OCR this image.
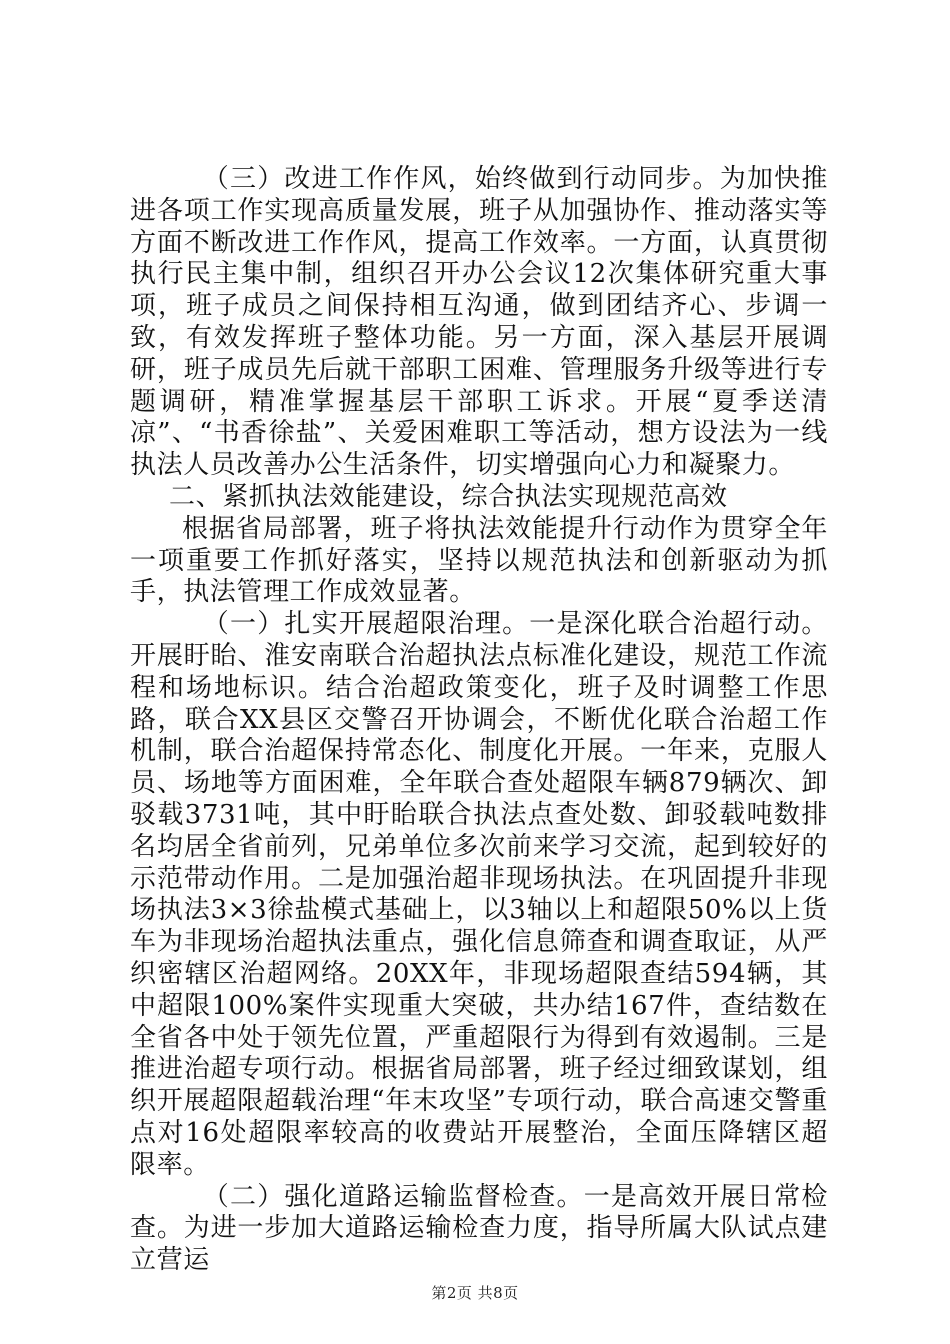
（三）改进工作作风，始终做到行动同步。为加快推进各项工作实现高质量发展，班子从加强协作、推动落实等方面不断改进工作作风，提高工作效率。一方面，认真贯彻执行民主集中制，组织召开办公会议12次集体研究重大事项，班子成员之间保持相互沟通，做到团结齐心、步调一致，有效发挥班子整体功能。另一方面，深入基层开展调研，班子成员先后就干部职工困难、管理服务升级等进行专题调研，精准掌握基层干部职工诉求。开展“夏季送清凉”、“书香徐盐”、关爱困难职工等活动，想方设法为一线执法人员改善办公生活条件，切实增强向心力和凝聚力。

二、紧抓执法效能建设，综合执法实现规范高效

根据省局部署，班子将执法效能提升行动作为贯穿全年一项重要工作抓好落实，坚持以规范执法和创新驱动为抓手，执法管理工作成效显著。

（一）扎实开展超限治理。一是深化联合治超行动。开展盱眙、淮安南联合治超执法点标准化建设，规范工作流程和场地标识。结合治超政策变化，班子及时调整工作思路，联合XX县区交警召开协调会，不断优化联合治超工作机制，联合治超保持常态化、制度化开展。一年来，克服人员、场地等方面困难，全年联合查处超限车辆879辆次、卸驳载3731吨，其中盱眙联合执法点查处数、卸驳载吨数排名均居全省前列，兄弟单位多次前来学习交流，起到较好的示范带动作用。二是加强治超非现场执法。在巩固提升非现场执法3×3徐盐模式基础上，以3轴以上和超限50%以上货车为非现场治超执法重点，强化信息筛查和调查取证，从严织密辖区治超网络。20XX年，非现场超限查结594辆，其中超限100%案件实现重大突破，共办结167件，查结数在全省各中处于领先位置，严重超限行为得到有效遏制。三是推进治超专项行动。根据省局部署，班子经过细致谋划，组织开展超限超载治理“年末攻坚”专项行动，联合高速交警重点对16处超限率较高的收费站开展整治，全面压降辖区超限率。

（二）强化道路运输监督检查。一是高效开展日常检查。为进一步加大道路运输检查力度，指导所属大队试点建立营运

第2页 共8页
